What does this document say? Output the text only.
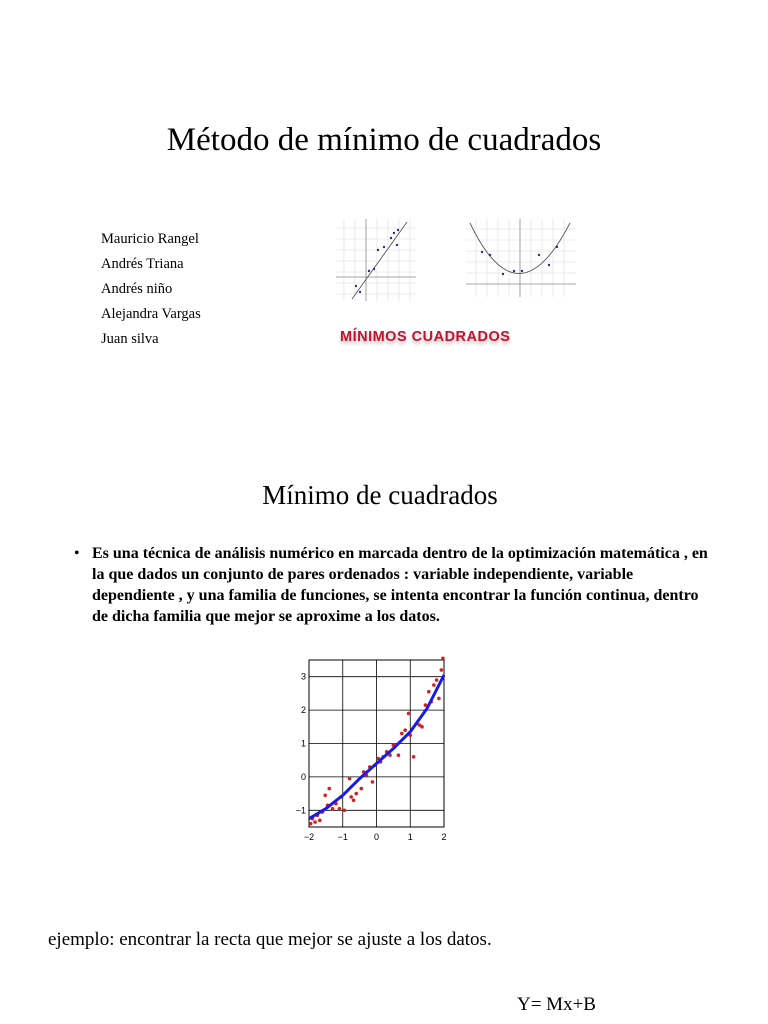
Método de mínimo de cuadrados
Mauricio Rangel
Andrés Triana
Andrés niño
Alejandra Vargas
Juan silva	MÍNIMOS CUADRADOS
Mínimo de cuadrados
• Es una técnica de análisis numérico en marcada dentro de la optimización matemática , en la que dados un conjunto de pares ordenados : variable independiente, variable dependiente , y una familia de funciones, se intenta encontrar la función continua, dentro de dicha familia que mejor se aproxime a los datos.
−2	−1	0	1	2
−1
0
1
2
3
ejemplo: encontrar la recta que mejor se ajuste a los datos.
Y= Mx+B
